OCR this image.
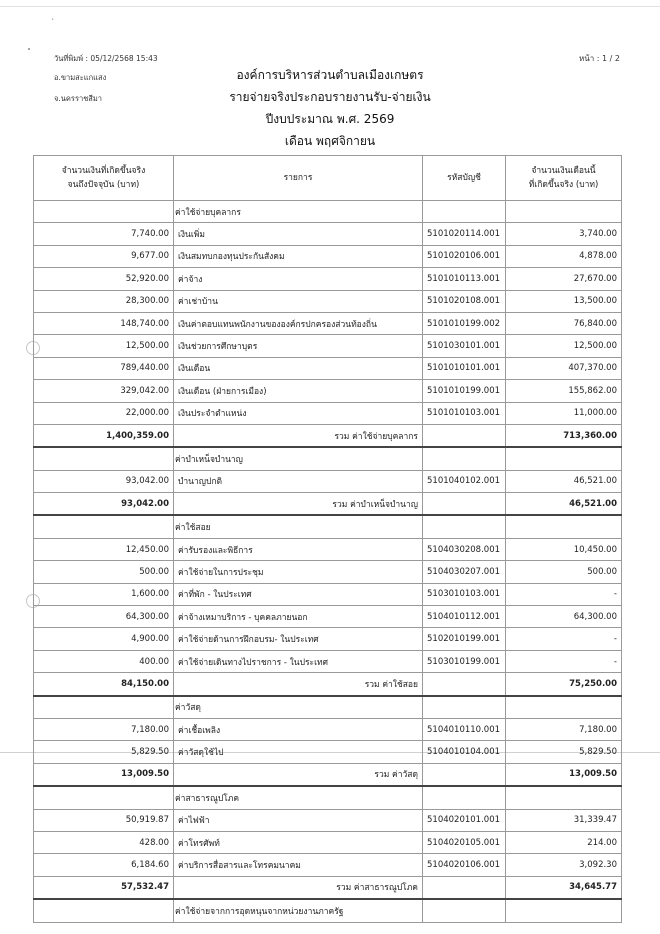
`
วันที่พิมพ์ : 05/12/2568 15:43
อ.ขามสะแกแสง
จ.นครราชสีมา
หน้า : 1 / 2
องค์การบริหารส่วนตำบลเมืองเกษตร
รายจ่ายจริงประกอบรายงานรับ-จ่ายเงิน
ปีงบประมาณ พ.ศ. 2569
เดือน พฤศจิกายน
จำนวนเงินที่เกิดขึ้นจริง
จนถึงปัจจุบัน (บาท)	รายการ	รหัสบัญชี	จำนวนเงินเดือนนี้
ที่เกิดขึ้นจริง (บาท)
	ค่าใช้จ่ายบุคลากร		
7,740.00	เงินเพิ่ม	5101020114.001	3,740.00
9,677.00	เงินสมทบกองทุนประกันสังคม	5101020106.001	4,878.00
52,920.00	ค่าจ้าง	5101010113.001	27,670.00
28,300.00	ค่าเช่าบ้าน	5101020108.001	13,500.00
148,740.00	เงินค่าตอบแทนพนักงานขององค์กรปกครองส่วนท้องถิ่น	5101010199.002	76,840.00
12,500.00	เงินช่วยการศึกษาบุตร	5101030101.001	12,500.00
789,440.00	เงินเดือน	5101010101.001	407,370.00
329,042.00	เงินเดือน (ฝ่ายการเมือง)	5101010199.001	155,862.00
22,000.00	เงินประจำตำแหน่ง	5101010103.001	11,000.00
1,400,359.00	รวม ค่าใช้จ่ายบุคลากร		713,360.00
	ค่าบำเหน็จบำนาญ		
93,042.00	บำนาญปกติ	5101040102.001	46,521.00
93,042.00	รวม ค่าบำเหน็จบำนาญ		46,521.00
	ค่าใช้สอย		
12,450.00	ค่ารับรองและพิธีการ	5104030208.001	10,450.00
500.00	ค่าใช้จ่ายในการประชุม	5104030207.001	500.00
1,600.00	ค่าที่พัก - ในประเทศ	5103010103.001	-
64,300.00	ค่าจ้างเหมาบริการ - บุคคลภายนอก	5104010112.001	64,300.00
4,900.00	ค่าใช้จ่ายด้านการฝึกอบรม- ในประเทศ	5102010199.001	-
400.00	ค่าใช้จ่ายเดินทางไปราชการ - ในประเทศ	5103010199.001	-
84,150.00	รวม ค่าใช้สอย		75,250.00
	ค่าวัสดุ		
7,180.00	ค่าเชื้อเพลิง	5104010110.001	7,180.00
5,829.50	ค่าวัสดุใช้ไป	5104010104.001	5,829.50
13,009.50	รวม ค่าวัสดุ		13,009.50
	ค่าสาธารณูปโภค		
50,919.87	ค่าไฟฟ้า	5104020101.001	31,339.47
428.00	ค่าโทรศัพท์	5104020105.001	214.00
6,184.60	ค่าบริการสื่อสารและโทรคมนาคม	5104020106.001	3,092.30
57,532.47	รวม ค่าสาธารณูปโภค		34,645.77
	ค่าใช้จ่ายจากการอุดหนุนจากหน่วยงานภาครัฐ		
